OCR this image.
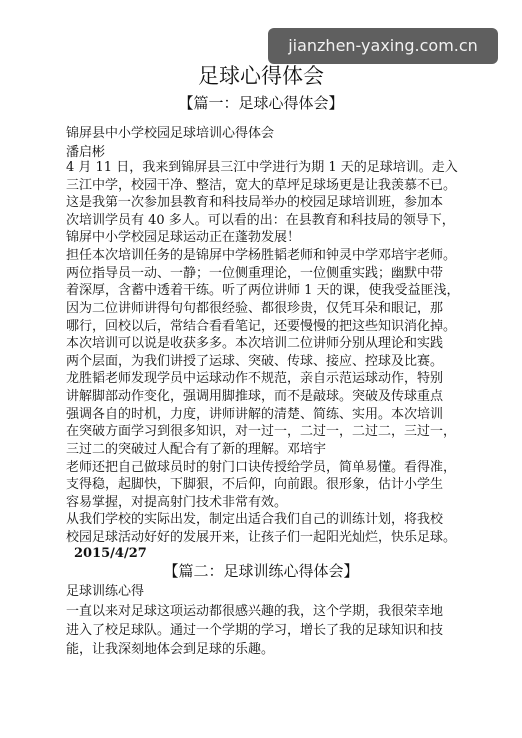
jianzhen-yaxing.com.cn
足球心得体会
【篇一：足球心得体会】
锦屏县中小学校园足球培训心得体会
潘启彬
4 月 11 日，我来到锦屏县三江中学进行为期 1 天的足球培训。走入
三江中学，校园干净、整洁，宽大的草坪足球场更是让我羡慕不已。
这是我第一次参加县教育和科技局举办的校园足球培训班，参加本
次培训学员有 40 多人。可以看的出：在县教育和科技局的领导下，
锦屏中小学校园足球运动正在蓬勃发展！
担任本次培训任务的是锦屏中学杨胜韬老师和钟灵中学邓培宇老师。
两位指导员一动、一静；一位侧重理论，一位侧重实践；幽默中带
着深厚，含蓄中透着干练。听了两位讲师 1 天的课，使我受益匪浅，
因为二位讲师讲得句句都很经验、都很珍贵，仅凭耳朵和眼记，那
哪行，回校以后，常结合看看笔记，还要慢慢的把这些知识消化掉。
本次培训可以说是收获多多。本次培训二位讲师分别从理论和实践
两个层面，为我们讲授了运球、突破、传球、接应、控球及比赛。
龙胜韬老师发现学员中运球动作不规范，亲自示范运球动作，特别
讲解脚部动作变化，强调用脚推球，而不是敲球。突破及传球重点
强调各自的时机，力度，讲师讲解的清楚、简练、实用。本次培训
在突破方面学习到很多知识，对一过一，二过一，二过二，三过一，
三过二的突破过人配合有了新的理解。邓培宇
老师还把自己做球员时的射门口诀传授给学员，简单易懂。看得准，
支得稳，起脚快，下脚狠，不后仰，向前跟。很形象，估计小学生
容易掌握，对提高射门技术非常有效。
从我们学校的实际出发，制定出适合我们自己的训练计划，将我校
校园足球活动好好的发展开来，让孩子们一起阳光灿烂，快乐足球。
2015/4/27
【篇二：足球训练心得体会】
足球训练心得
一直以来对足球这项运动都很感兴趣的我，这个学期，我很荣幸地
进入了校足球队。通过一个学期的学习，增长了我的足球知识和技
能，让我深刻地体会到足球的乐趣。
